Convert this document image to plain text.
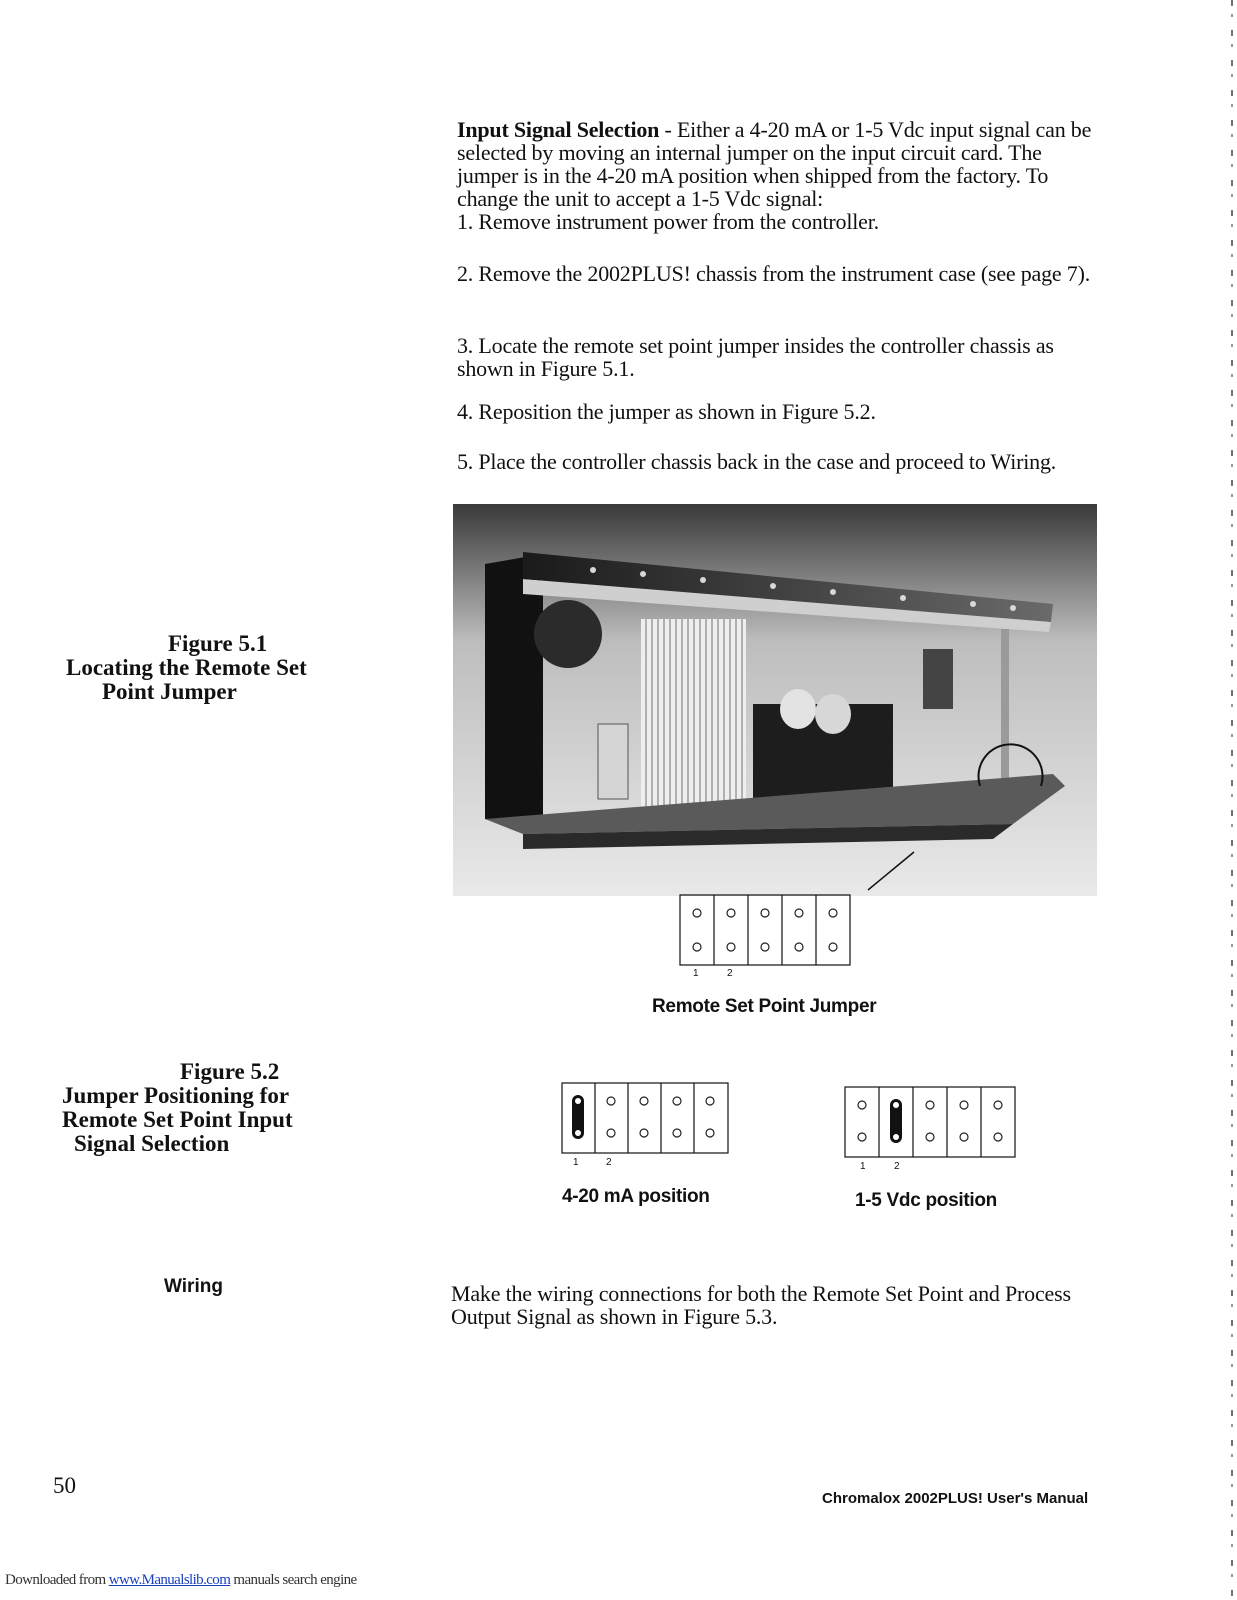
Input Signal Selection - Either a 4-20 mA or 1-5 Vdc input signal can be selected by moving an internal jumper on the input circuit card. The jumper is in the 4-20 mA position when shipped from the factory. To change the unit to accept a 1-5 Vdc signal:
1. Remove instrument power from the controller.
2. Remove the 2002PLUS! chassis from the instrument case (see page 7).
3. Locate the remote set point jumper insides the controller chassis as shown in Figure 5.1.
4. Reposition the jumper as shown in Figure 5.2.
5. Place the controller chassis back in the case and proceed to Wiring.
Figure 5.1
Locating the Remote Set
Point Jumper
1	2
Remote Set Point Jumper
Figure 5.2
Jumper Positioning for
Remote Set Point Input
Signal Selection
1	2
4-20 mA position
1	2
1-5 Vdc position
Wiring	Make the wiring connections for both the Remote Set Point and Process Output Signal as shown in Figure 5.3.
50
Chromalox 2002PLUS! User's Manual
Downloaded from www.Manualslib.com manuals search engine
